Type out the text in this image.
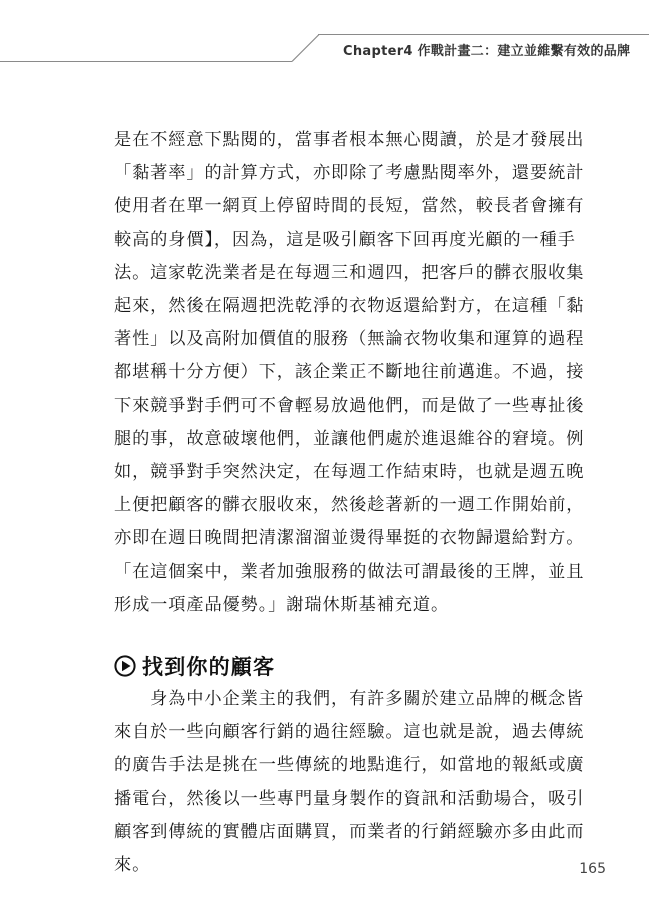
Chapter4 作戰計畫二：建立並維繫有效的品牌

是在不經意下點閱的，當事者根本無心閱讀，於是才發展出「黏著率」的計算方式，亦即除了考慮點閱率外，還要統計使用者在單一網頁上停留時間的長短，當然，較長者會擁有較高的身價】，因為，這是吸引顧客下回再度光顧的一種手法。這家乾洗業者是在每週三和週四，把客戶的髒衣服收集起來，然後在隔週把洗乾淨的衣物返還給對方，在這種「黏著性」以及高附加價值的服務（無論衣物收集和運算的過程都堪稱十分方便）下，該企業正不斷地往前邁進。不過，接下來競爭對手們可不會輕易放過他們，而是做了一些專扯後腿的事，故意破壞他們，並讓他們處於進退維谷的窘境。例如，競爭對手突然決定，在每週工作結束時，也就是週五晚上便把顧客的髒衣服收來，然後趁著新的一週工作開始前，亦即在週日晚間把清潔溜溜並燙得畢挺的衣物歸還給對方。「在這個案中，業者加強服務的做法可謂最後的王牌，並且形成一項產品優勢。」謝瑞休斯基補充道。

找到你的顧客

身為中小企業主的我們，有許多關於建立品牌的概念皆來自於一些向顧客行銷的過往經驗。這也就是說，過去傳統的廣告手法是挑在一些傳統的地點進行，如當地的報紙或廣播電台，然後以一些專門量身製作的資訊和活動場合，吸引顧客到傳統的實體店面購買，而業者的行銷經驗亦多由此而來。	165
